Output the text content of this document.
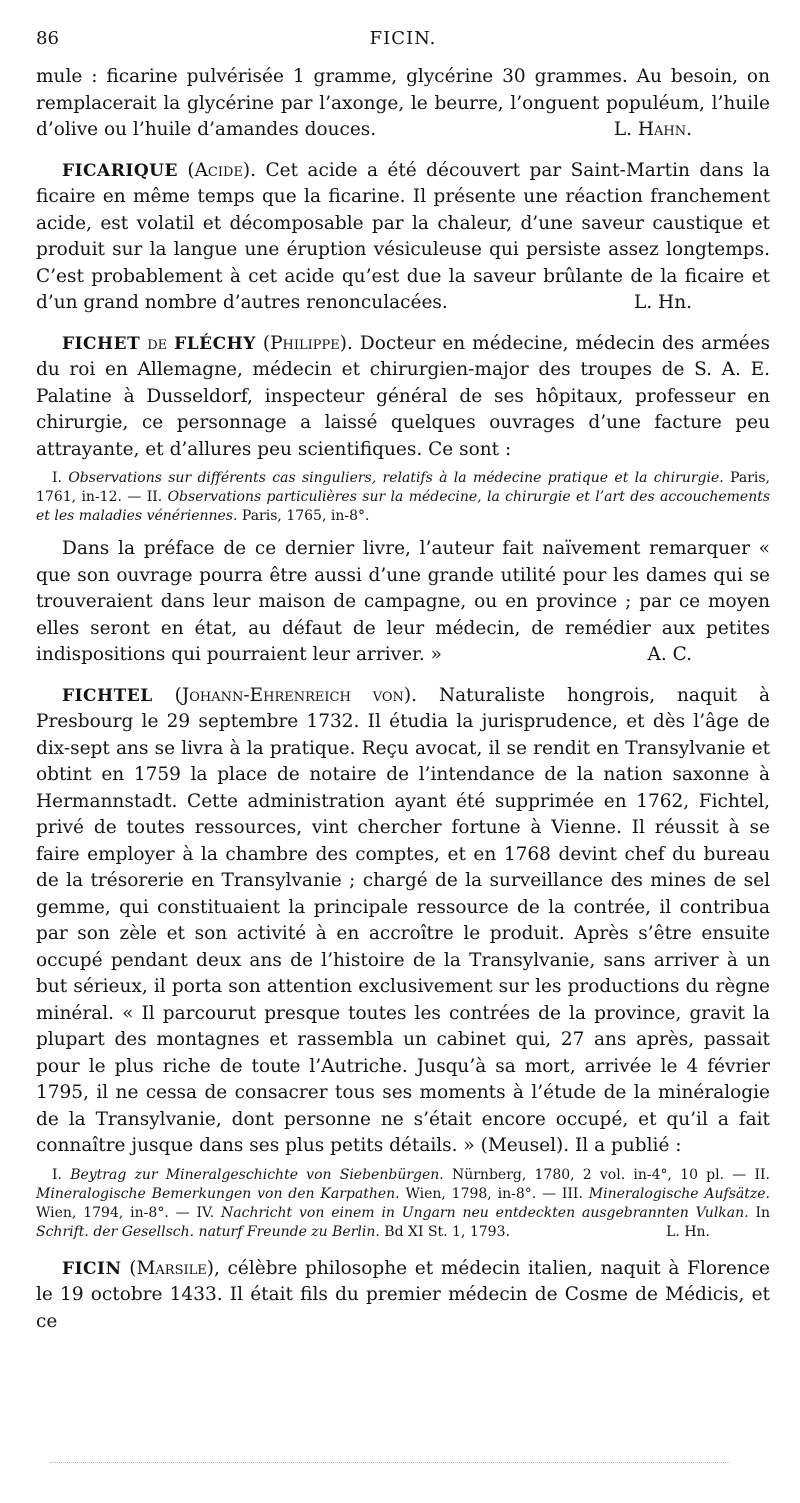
86	FICIN.

mule : ficarine pulvérisée 1 gramme, glycérine 30 grammes. Au besoin, on remplacerait la glycérine par l’axonge, le beurre, l’onguent populéum, l’huile d’olive ou l’huile d’amandes douces.	L. Hahn.

FICARIQUE (Acide). Cet acide a été découvert par Saint-Martin dans la ficaire en même temps que la ficarine. Il présente une réaction franchement acide, est volatil et décomposable par la chaleur, d’une saveur caustique et produit sur la langue une éruption vésiculeuse qui persiste assez longtemps. C’est probablement à cet acide qu’est due la saveur brûlante de la ficaire et d’un grand nombre d’autres renonculacées.	L. Hn.

FICHET de FLÉCHY (Philippe). Docteur en médecine, médecin des armées du roi en Allemagne, médecin et chirurgien-major des troupes de S. A. E. Palatine à Dusseldorf, inspecteur général de ses hôpitaux, professeur en chirurgie, ce personnage a laissé quelques ouvrages d’une facture peu attrayante, et d’allures peu scientifiques. Ce sont :

I. Observations sur différents cas singuliers, relatifs à la médecine pratique et la chirurgie. Paris, 1761, in-12. — II. Observations particulières sur la médecine, la chirurgie et l’art des accouchements et les maladies vénériennes. Paris, 1765, in-8°.

Dans la préface de ce dernier livre, l’auteur fait naïvement remarquer « que son ouvrage pourra être aussi d’une grande utilité pour les dames qui se trouveraient dans leur maison de campagne, ou en province ; par ce moyen elles seront en état, au défaut de leur médecin, de remédier aux petites indispositions qui pourraient leur arriver. »	A. C.

FICHTEL (Johann-Ehrenreich von). Naturaliste hongrois, naquit à Presbourg le 29 septembre 1732. Il étudia la jurisprudence, et dès l’âge de dix-sept ans se livra à la pratique. Reçu avocat, il se rendit en Transylvanie et obtint en 1759 la place de notaire de l’intendance de la nation saxonne à Hermannstadt. Cette administration ayant été supprimée en 1762, Fichtel, privé de toutes ressources, vint chercher fortune à Vienne. Il réussit à se faire employer à la chambre des comptes, et en 1768 devint chef du bureau de la trésorerie en Transylvanie ; chargé de la surveillance des mines de sel gemme, qui constituaient la principale ressource de la contrée, il contribua par son zèle et son activité à en accroître le produit. Après s’être ensuite occupé pendant deux ans de l’histoire de la Transylvanie, sans arriver à un but sérieux, il porta son attention exclusivement sur les productions du règne minéral. « Il parcourut presque toutes les contrées de la province, gravit la plupart des montagnes et rassembla un cabinet qui, 27 ans après, passait pour le plus riche de toute l’Autriche. Jusqu’à sa mort, arrivée le 4 février 1795, il ne cessa de consacrer tous ses moments à l’étude de la minéralogie de la Transylvanie, dont personne ne s’était encore occupé, et qu’il a fait connaître jusque dans ses plus petits détails. » (Meusel). Il a publié :

I. Beytrag zur Mineralgeschichte von Siebenbürgen. Nürnberg, 1780, 2 vol. in-4°, 10 pl. — II. Mineralogische Bemerkungen von den Karpathen. Wien, 1798, in-8°. — III. Mineralogische Aufsätze. Wien, 1794, in-8°. — IV. Nachricht von einem in Ungarn neu entdeckten ausgebrannten Vulkan. In Schrift. der Gesellsch. naturf Freunde zu Berlin. Bd XI St. 1, 1793.	L. Hn.

FICIN (Marsile), célèbre philosophe et médecin italien, naquit à Florence le 19 octobre 1433. Il était fils du premier médecin de Cosme de Médicis, et ce
